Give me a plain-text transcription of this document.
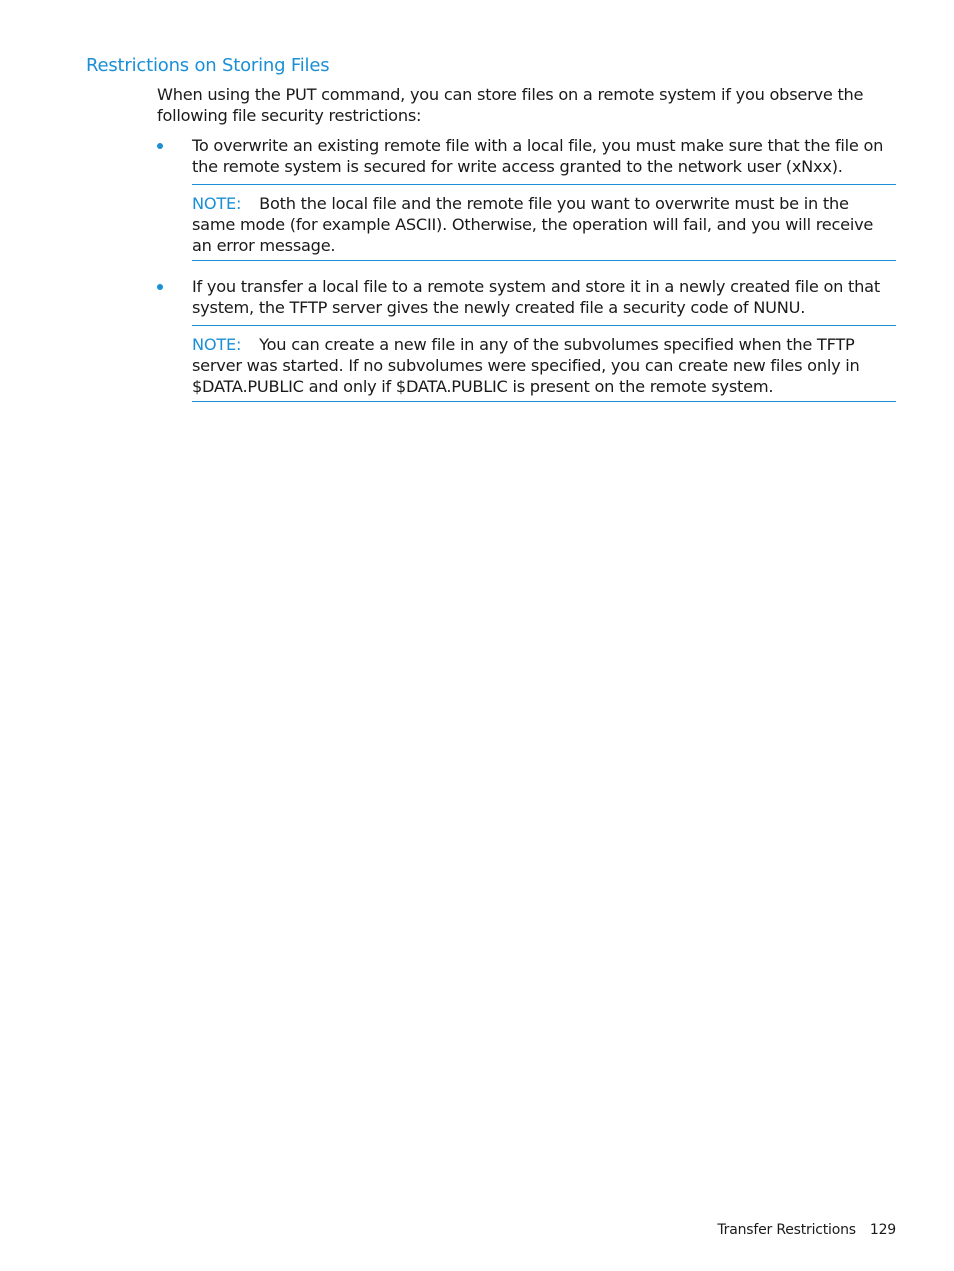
Restrictions on Storing Files

When using the PUT command, you can store files on a remote system if you observe the following file security restrictions:

To overwrite an existing remote file with a local file, you must make sure that the file on the remote system is secured for write access granted to the network user (xNxx).
NOTE: Both the local file and the remote file you want to overwrite must be in the same mode (for example ASCII). Otherwise, the operation will fail, and you will receive an error message.
If you transfer a local file to a remote system and store it in a newly created file on that system, the TFTP server gives the newly created file a security code of NUNU.
NOTE: You can create a new file in any of the subvolumes specified when the TFTP server was started. If no subvolumes were specified, you can create new files only in $DATA.PUBLIC and only if $DATA.PUBLIC is present on the remote system.
Transfer Restrictions 129
